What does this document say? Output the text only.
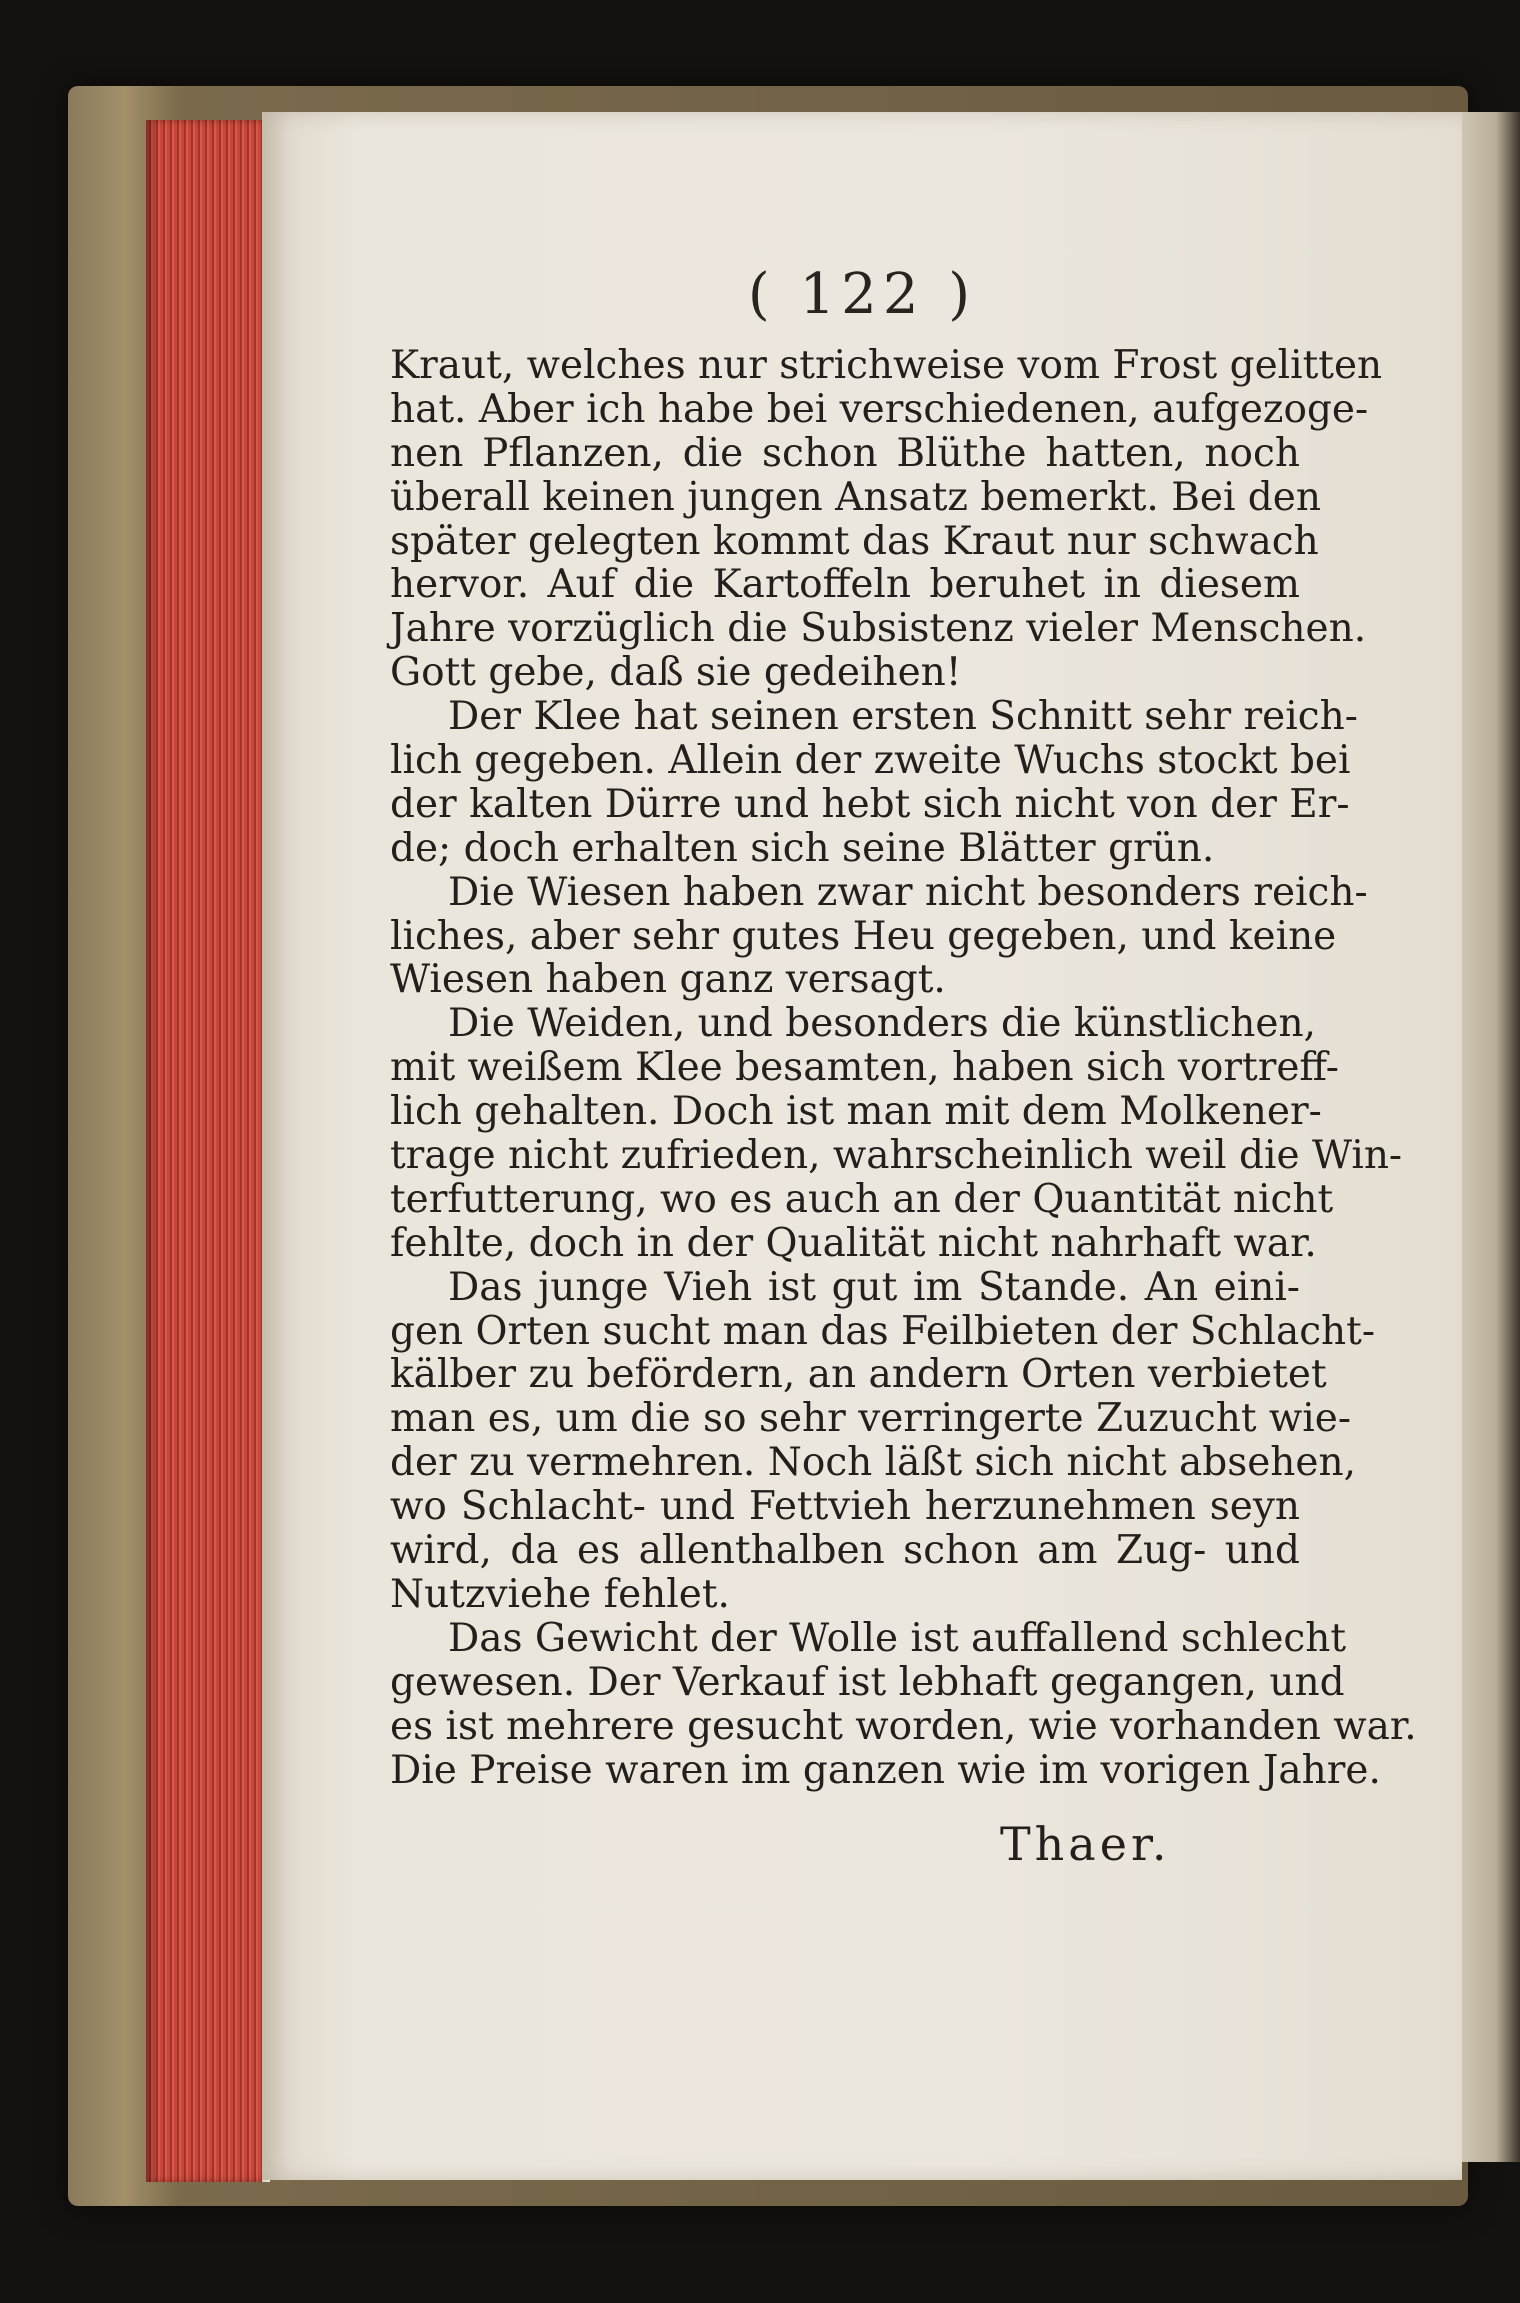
( 122 )
Kraut, welches nur strichweise vom Frost gelitten
hat. Aber ich habe bei verschiedenen, aufgezoge-
nen Pflanzen, die schon Blüthe hatten, noch
überall keinen jungen Ansatz bemerkt. Bei den
später gelegten kommt das Kraut nur schwach
hervor. Auf die Kartoffeln beruhet in diesem
Jahre vorzüglich die Subsistenz vieler Menschen.
Gott gebe, daß sie gedeihen!
Der Klee hat seinen ersten Schnitt sehr reich-
lich gegeben. Allein der zweite Wuchs stockt bei
der kalten Dürre und hebt sich nicht von der Er-
de; doch erhalten sich seine Blätter grün.
Die Wiesen haben zwar nicht besonders reich-
liches, aber sehr gutes Heu gegeben, und keine
Wiesen haben ganz versagt.
Die Weiden, und besonders die künstlichen,
mit weißem Klee besamten, haben sich vortreff-
lich gehalten. Doch ist man mit dem Molkener-
trage nicht zufrieden, wahrscheinlich weil die Win-
terfutterung, wo es auch an der Quantität nicht
fehlte, doch in der Qualität nicht nahrhaft war.
Das junge Vieh ist gut im Stande. An eini-
gen Orten sucht man das Feilbieten der Schlacht-
kälber zu befördern, an andern Orten verbietet
man es, um die so sehr verringerte Zuzucht wie-
der zu vermehren. Noch läßt sich nicht absehen,
wo Schlacht- und Fettvieh herzunehmen seyn
wird, da es allenthalben schon am Zug- und
Nutzviehe fehlet.
Das Gewicht der Wolle ist auffallend schlecht
gewesen. Der Verkauf ist lebhaft gegangen, und
es ist mehrere gesucht worden, wie vorhanden war.
Die Preise waren im ganzen wie im vorigen Jahre.
Thaer.
